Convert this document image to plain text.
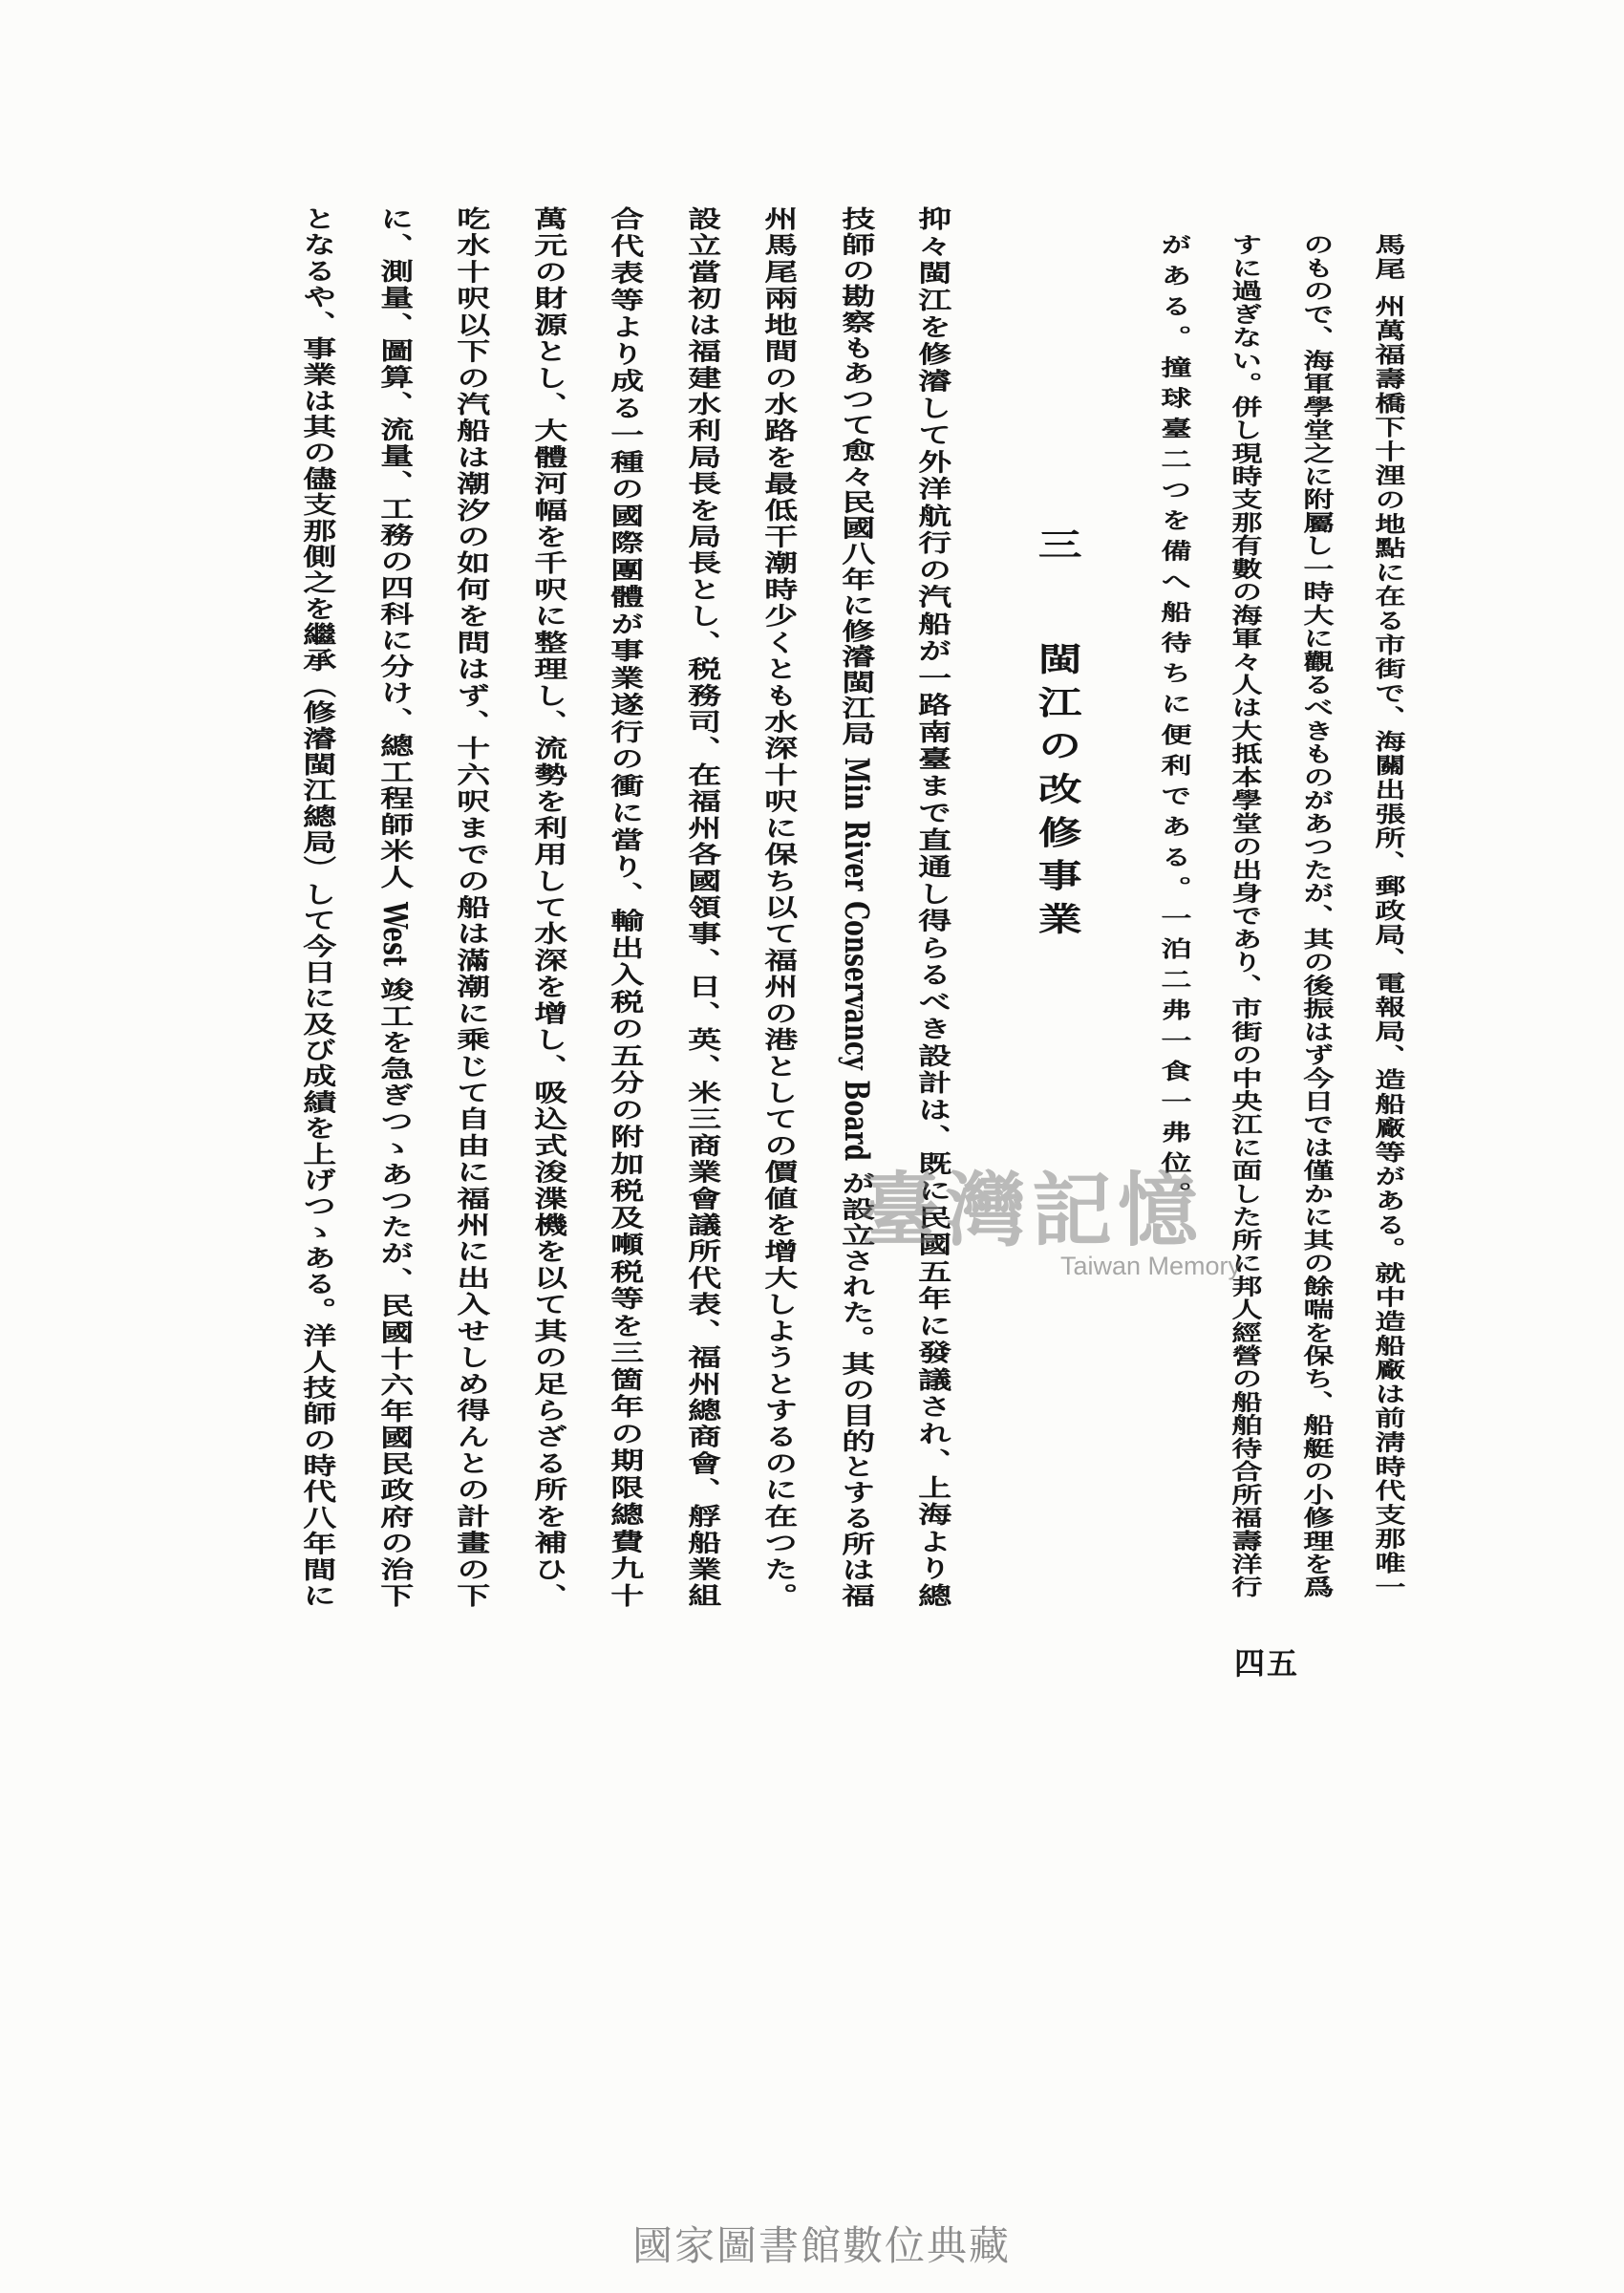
馬尾州萬福壽橋下十浬の地點に在る市街で、海關出張所、郵政局、電報局、造船廠等がある。就中造船廠は前淸時代支那唯一
のもので、海軍學堂之に附屬し一時大に觀るべきものがあつたが、其の後振はず今日では僅かに其の餘喘を保ち、船艇の小修理を爲
すに過ぎない。併し現時支那有數の海軍々人は大抵本學堂の出身であり、市街の中央江に面した所に邦人經營の船舶待合所福壽洋行
がある。撞球臺二つを備へ船待ちに便利である。一泊二弗一食一弗位。
三
閩江の改修事業
抑々閩江を修濬して外洋航行の汽船が一路南臺まで直通し得らるべき設計は、既に民國五年に發議され、上海より總
技師の勘察もあつて愈々民國八年に修濬閩江局 Min River Conservancy Board が設立された。其の目的とする所は福
州馬尾兩地間の水路を最低干潮時少くとも水深十呎に保ち以て福州の港としての價値を增大しようとするのに在つた。
設立當初は福建水利局長を局長とし、税務司、在福州各國領事、日、英、米三商業會議所代表、福州總商會、艀船業組
合代表等より成る一種の國際團體が事業遂行の衝に當り、輸出入税の五分の附加税及噸税等を三箇年の期限總費九十
萬元の財源とし、大體河幅を千呎に整理し、流勢を利用して水深を增し、吸込式浚渫機を以て其の足らざる所を補ひ、
吃水十呎以下の汽船は潮汐の如何を問はず、十六呎までの船は滿潮に乘じて自由に福州に出入せしめ得んとの計畫の下
に、測量、圖算、流量、工務の四科に分け、總工程師米人 West 竣工を急ぎつゝあつたが、民國十六年國民政府の治下
となるや、事業は其の儘支那側之を繼承（修濬閩江總局）して今日に及び成績を上げつゝある。洋人技師の時代八年間に
四五
臺灣記憶
Taiwan Memory
國家圖書館數位典藏
